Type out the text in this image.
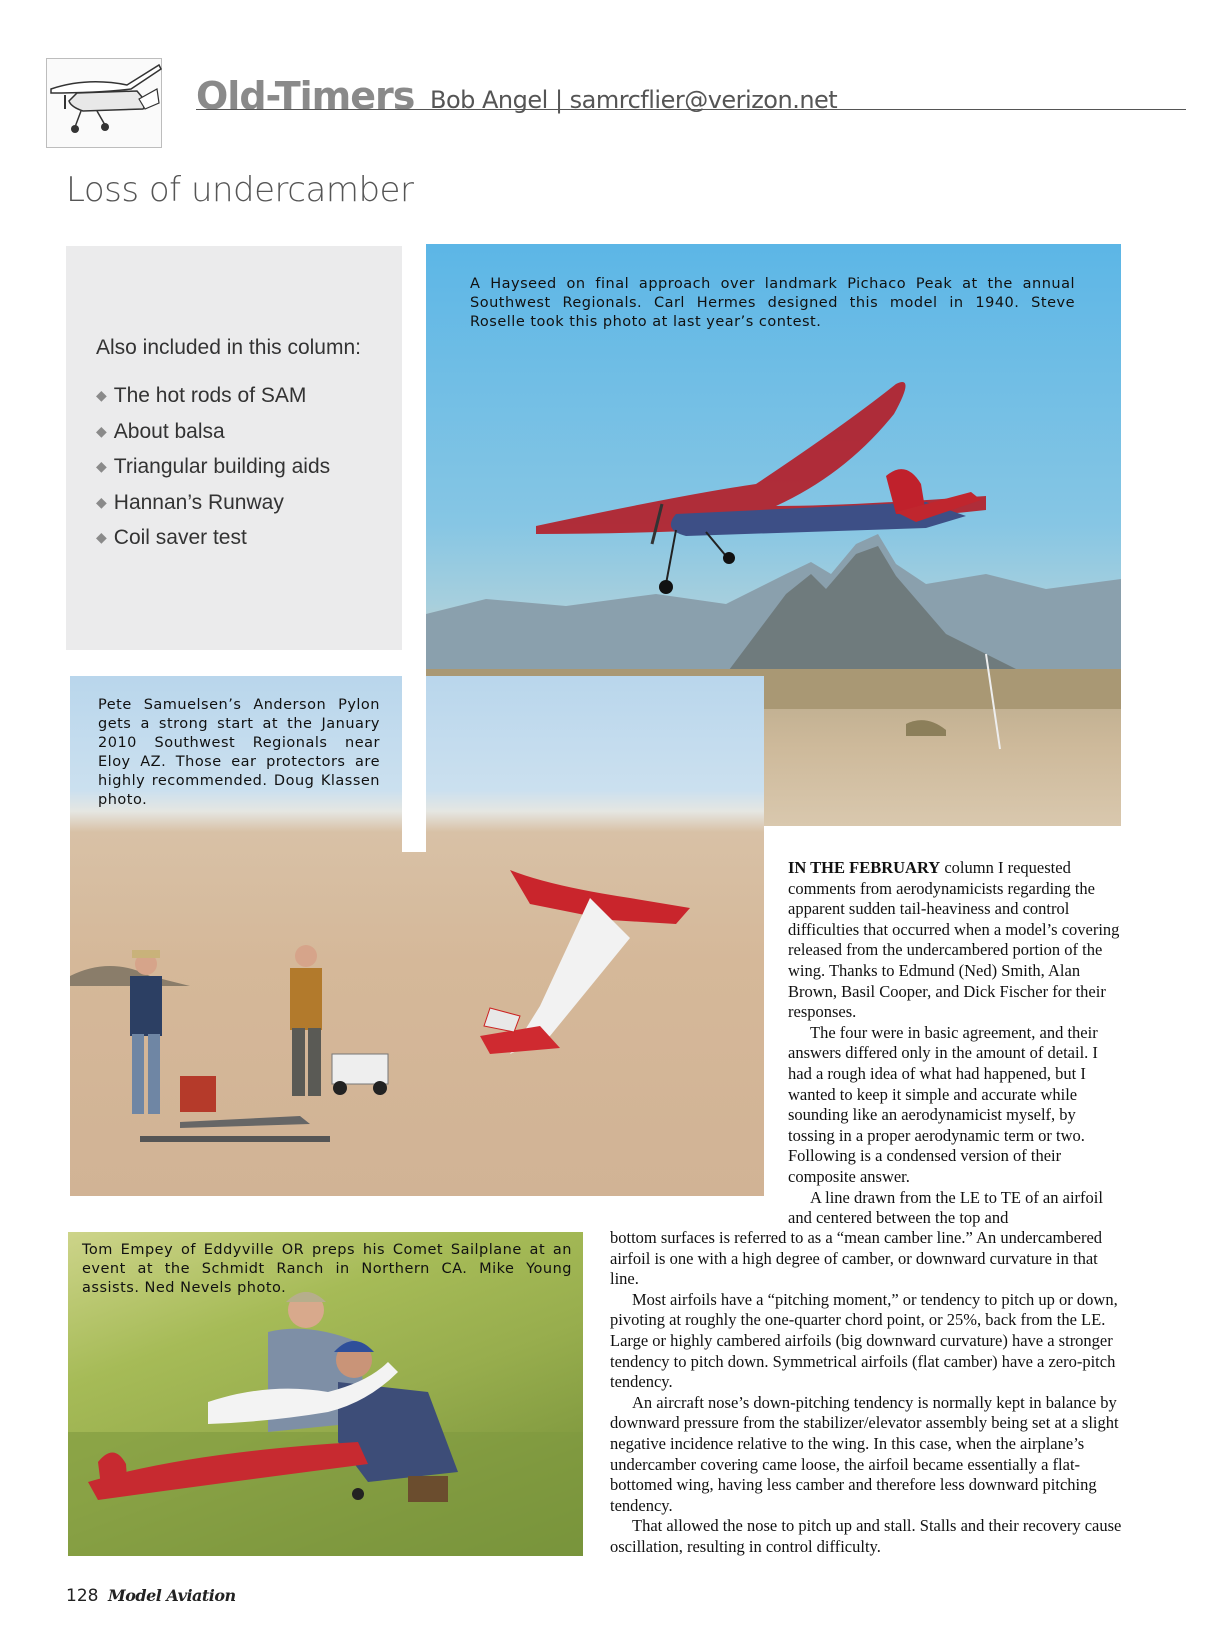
Old-Timers Bob Angel | samrcflier@verizon.net
Loss of undercamber
Also included in this column:
◆ The hot rods of SAM
◆ About balsa
◆ Triangular building aids
◆ Hannan’s Runway
◆ Coil saver test
A Hayseed on final approach over landmark Pichaco Peak at the annual Southwest Regionals. Carl Hermes designed this model in 1940. Steve Roselle took this photo at last year’s contest.
Pete Samuelsen’s Anderson Pylon gets a strong start at the January 2010 Southwest Regionals near Eloy AZ. Those ear protectors are highly recommended. Doug Klassen photo.
Tom Empey of Eddyville OR preps his Comet Sailplane at an event at the Schmidt Ranch in Northern CA. Mike Young assists. Ned Nevels photo.

IN THE FEBRUARY column I requested comments from aerodynamicists regarding the apparent sudden tail-heaviness and control difficulties that occurred when a model’s covering released from the undercambered portion of the wing. Thanks to Edmund (Ned) Smith, Alan Brown, Basil Cooper, and Dick Fischer for their responses.

The four were in basic agreement, and their answers differed only in the amount of detail. I had a rough idea of what had happened, but I wanted to keep it simple and accurate while sounding like an aerodynamicist myself, by tossing in a proper aerodynamic term or two. Following is a condensed version of their composite answer.

A line drawn from the LE to TE of an airfoil and centered between the top and

bottom surfaces is referred to as a “mean camber line.” An undercambered airfoil is one with a high degree of camber, or downward curvature in that line.

Most airfoils have a “pitching moment,” or tendency to pitch up or down, pivoting at roughly the one-quarter chord point, or 25%, back from the LE. Large or highly cambered airfoils (big downward curvature) have a stronger tendency to pitch down. Symmetrical airfoils (flat camber) have a zero-pitch tendency.

An aircraft nose’s down-pitching tendency is normally kept in balance by downward pressure from the stabilizer/elevator assembly being set at a slight negative incidence relative to the wing. In this case, when the airplane’s undercamber covering came loose, the airfoil became essentially a flat-bottomed wing, having less camber and therefore less downward pitching tendency.

That allowed the nose to pitch up and stall. Stalls and their recovery cause oscillation, resulting in control difficulty.

128 Model Aviation
